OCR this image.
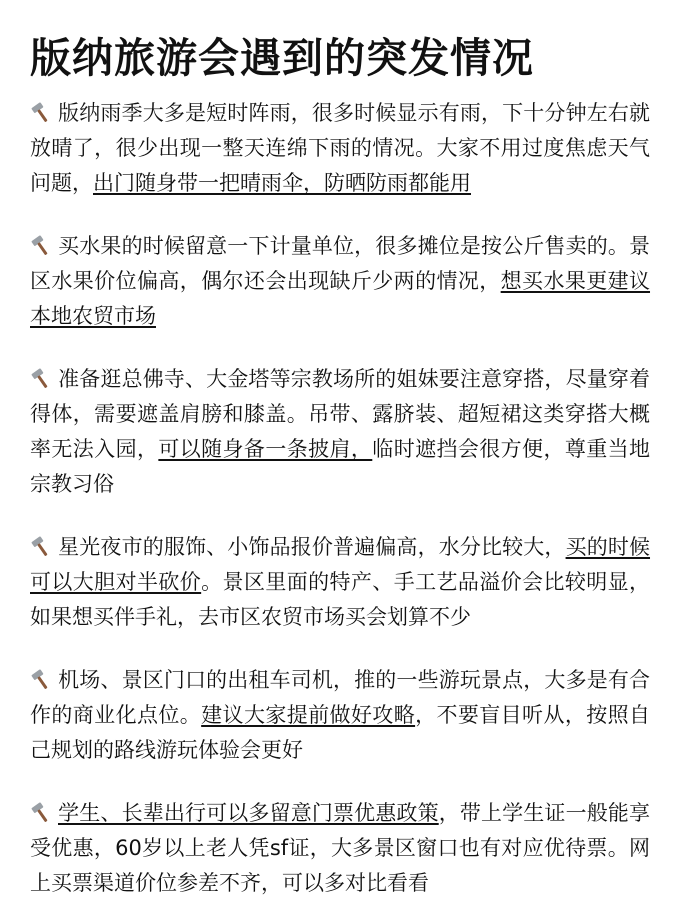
版纳旅游会遇到的突发情况

版纳雨季大多是短时阵雨，很多时候显示有雨，下十分钟左右就放晴了，很少出现一整天连绵下雨的情况。大家不用过度焦虑天气问题，出门随身带一把晴雨伞，防晒防雨都能用

买水果的时候留意一下计量单位，很多摊位是按公斤售卖的。景区水果价位偏高，偶尔还会出现缺斤少两的情况，想买水果更建议本地农贸市场

准备逛总佛寺、大金塔等宗教场所的姐妹要注意穿搭，尽量穿着得体，需要遮盖肩膀和膝盖。吊带、露脐装、超短裙这类穿搭大概率无法入园，可以随身备一条披肩，临时遮挡会很方便，尊重当地宗教习俗

星光夜市的服饰、小饰品报价普遍偏高，水分比较大，买的时候可以大胆对半砍价。景区里面的特产、手工艺品溢价会比较明显，如果想买伴手礼，去市区农贸市场买会划算不少

机场、景区门口的出租车司机，推的一些游玩景点，大多是有合作的商业化点位。建议大家提前做好攻略，不要盲目听从，按照自己规划的路线游玩体验会更好

学生、长辈出行可以多留意门票优惠政策，带上学生证一般能享受优惠，60岁以上老人凭sf证，大多景区窗口也有对应优待票。网上买票渠道价位参差不齐，可以多对比看看
